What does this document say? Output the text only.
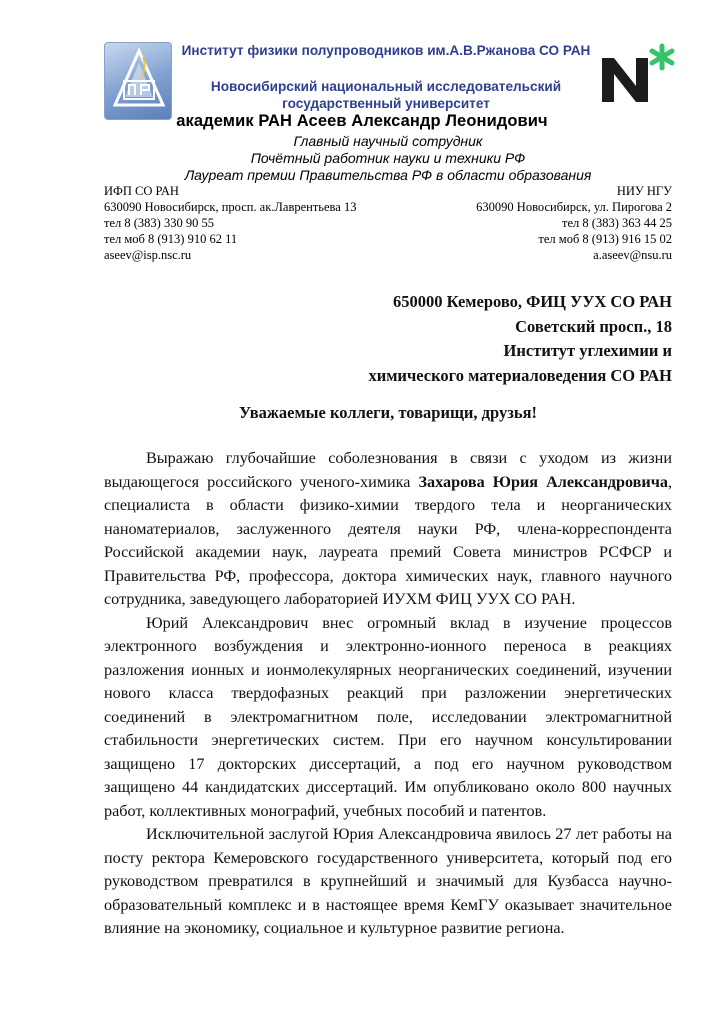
Институт физики полупроводников им.А.В.Ржанова СО РАН
Новосибирский национальный исследовательский государственный университет
академик РАН Асеев Александр Леонидович
Главный научный сотрудник
Почётный работник науки и техники РФ
Лауреат премии Правительства РФ в области образования
ИФП СО РАН
630090 Новосибирск, просп. ак.Лаврентьева 13
тел 8 (383) 330 90 55
тел моб 8 (913) 910 62 11
aseev@isp.nsc.ru
НИУ НГУ
630090 Новосибирск, ул. Пирогова 2
тел 8 (383) 363 44 25
тел моб 8 (913) 916 15 02
a.aseev@nsu.ru
650000 Кемерово, ФИЦ УУХ СО РАН
Советский просп., 18
Институт углехимии и
химического материаловедения СО РАН
Уважаемые коллеги, товарищи, друзья!

Выражаю глубочайшие соболезнования в связи с уходом из жизни выдающегося российского ученого-химика Захарова Юрия Александровича, специалиста в области физико-химии твердого тела и неорганических наноматериалов, заслуженного деятеля науки РФ, члена-корреспондента Российской академии наук, лауреата премий Совета министров РСФСР и Правительства РФ, профессора, доктора химических наук, главного научного сотрудника, заведующего лабораторией ИУХМ ФИЦ УУХ СО РАН.

Юрий Александрович внес огромный вклад в изучение процессов электронного возбуждения и электронно-ионного переноса в реакциях разложения ионных и ионмолекулярных неорганических соединений, изучении нового класса твердофазных реакций при разложении энергетических соединений в электромагнитном поле, исследовании электромагнитной стабильности энергетических систем. При его научном консультировании защищено 17 докторских диссертаций, а под его научном руководством защищено 44 кандидатских диссертаций. Им опубликовано около 800 научных работ, коллективных монографий, учебных пособий и патентов.

Исключительной заслугой Юрия Александровича явилось 27 лет работы на посту ректора Кемеровского государственного университета, который под его руководством превратился в крупнейший и значимый для Кузбасса научно-образовательный комплекс и в настоящее время КемГУ оказывает значительное влияние на экономику, социальное и культурное развитие региона.
